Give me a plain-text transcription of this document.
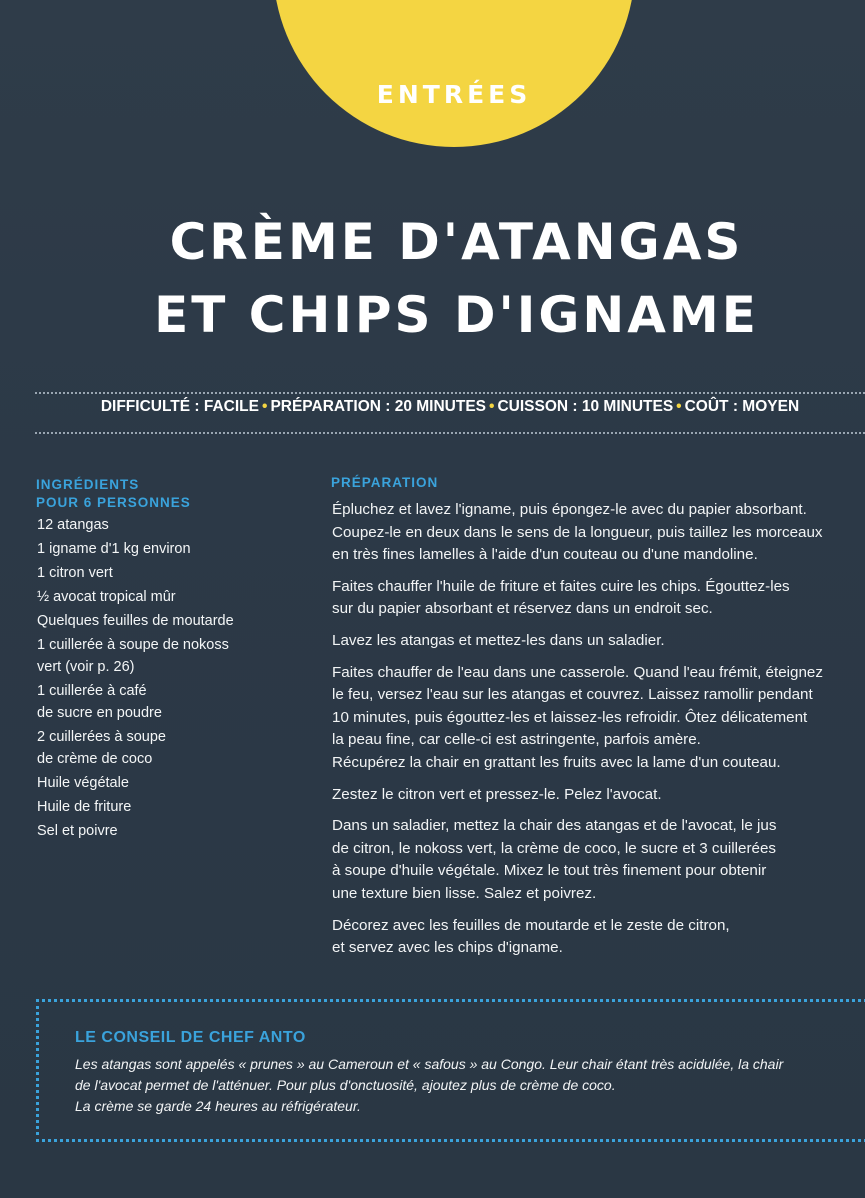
ENTRÉES
CRÈME D'ATANGAS
ET CHIPS D'IGNAME
DIFFICULTÉ : FACILE • PRÉPARATION : 20 MINUTES • CUISSON : 10 MINUTES • COÛT : MOYEN
INGRÉDIENTS
POUR 6 PERSONNES
12 atangas
1 igname d'1 kg environ
1 citron vert
½ avocat tropical mûr
Quelques feuilles de moutarde
1 cuillerée à soupe de nokoss
vert (voir p. 26)
1 cuillerée à café
de sucre en poudre
2 cuillerées à soupe
de crème de coco
Huile végétale
Huile de friture
Sel et poivre
PRÉPARATION

Épluchez et lavez l'igname, puis épongez-le avec du papier absorbant.
Coupez-le en deux dans le sens de la longueur, puis taillez les morceaux
en très fines lamelles à l'aide d'un couteau ou d'une mandoline.

Faites chauffer l'huile de friture et faites cuire les chips. Égouttez-les
sur du papier absorbant et réservez dans un endroit sec.

Lavez les atangas et mettez-les dans un saladier.

Faites chauffer de l'eau dans une casserole. Quand l'eau frémit, éteignez
le feu, versez l'eau sur les atangas et couvrez. Laissez ramollir pendant
10 minutes, puis égouttez-les et laissez-les refroidir. Ôtez délicatement
la peau fine, car celle-ci est astringente, parfois amère.
Récupérez la chair en grattant les fruits avec la lame d'un couteau.

Zestez le citron vert et pressez-le. Pelez l'avocat.

Dans un saladier, mettez la chair des atangas et de l'avocat, le jus
de citron, le nokoss vert, la crème de coco, le sucre et 3 cuillerées
à soupe d'huile végétale. Mixez le tout très finement pour obtenir
une texture bien lisse. Salez et poivrez.

Décorez avec les feuilles de moutarde et le zeste de citron,
et servez avec les chips d'igname.

LE CONSEIL DE CHEF ANTO
Les atangas sont appelés « prunes » au Cameroun et « safous » au Congo. Leur chair étant très acidulée, la chair
de l'avocat permet de l'atténuer. Pour plus d'onctuosité, ajoutez plus de crème de coco.
La crème se garde 24 heures au réfrigérateur.
